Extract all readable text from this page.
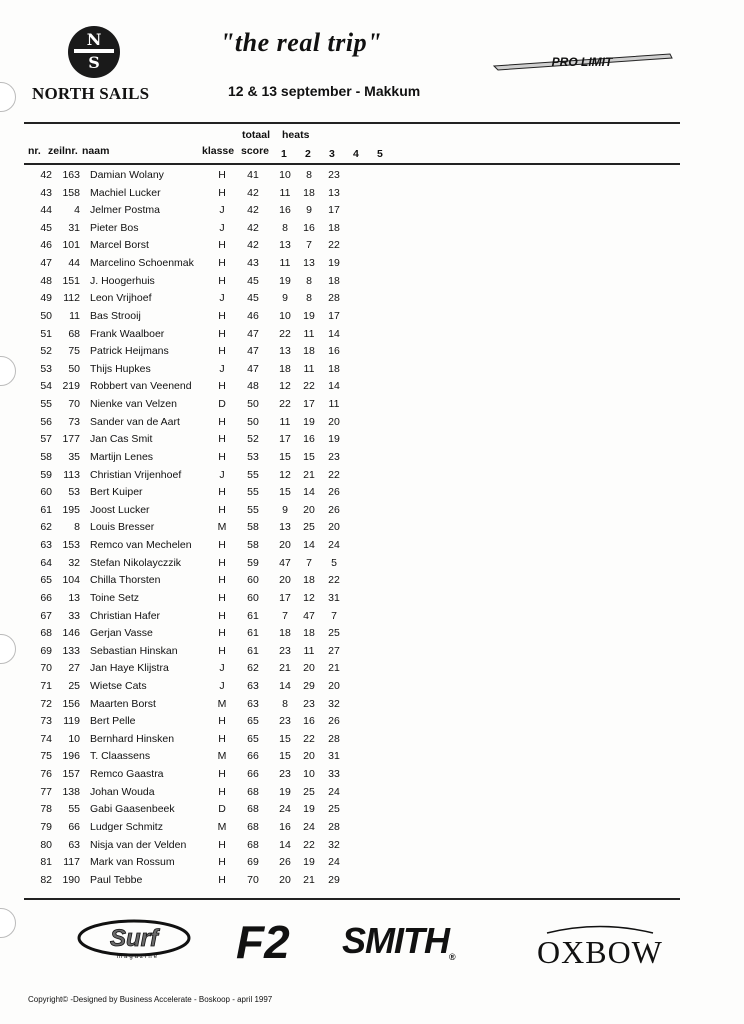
N
S
NORTH SAILS
"the real trip"
12 & 13 september - Makkum
PRO LIMIT
totaal heats
nr. zeilnr. naam	klasse score 1 2 3 4 5
42 163 Damian Wolany	H	41	10	8	23
43 158 Machiel Lucker	H	42	11	18	13
44	4 Jelmer Postma	J	42	16	9	17
45	31 Pieter Bos	J	42	8	16	18
46 101 Marcel Borst	H	42	13	7	22
47	44 Marcelino Schoenmak	H	43	11	13	19
48 151 J. Hoogerhuis	H	45	19	8	18
49	112 Leon Vrijhoef	J	45	9	8	28
50	11 Bas Strooij	H	46	10	19	17
51	68 Frank Waalboer	H	47	22	11	14
52	75 Patrick Heijmans	H	47	13	18	16
53	50 Thijs Hupkes	J	47	18	11	18
54 219 Robbert van Veenend	H	48	12	22	14
55	70 Nienke van Velzen	D	50	22	17	11
56	73 Sander van de Aart	H	50	11	19	20
57 177 Jan Cas Smit	H	52	17	16	19
58	35 Martijn Lenes	H	53	15	15	23
59	113 Christian Vrijenhoef	J	55	12	21	22
60	53 Bert Kuiper	H	55	15	14	26
61 195 Joost Lucker	H	55	9	20	26
62	8 Louis Bresser	M	58	13	25	20
63 153 Remco van Mechelen	H	58	20	14	24
64	32 Stefan Nikolayczzik	H	59	47	7	5
65 104 Chilla Thorsten	H	60	20	18	22
66	13 Toine Setz	H	60	17	12	31
67	33 Christian Hafer	H	61	7	47	7
68 146 Gerjan Vasse	H	61	18	18	25
69 133 Sebastian Hinskan	H	61	23	11	27
70	27 Jan Haye Klijstra	J	62	21	20	21
71	25 Wietse Cats	J	63	14	29	20
72 156 Maarten Borst	M	63	8	23	32
73	119 Bert Pelle	H	65	23	16	26
74	10 Bernhard Hinsken	H	65	15	22	28
75 196 T. Claassens	M	66	15	20	31
76 157 Remco Gaastra	H	66	23	10	33
77 138 Johan Wouda	H	68	19	25	24
78	55 Gabi Gaasenbeek	D	68	24	19	25
79	66 Ludger Schmitz	M	68	16	24	28
80	63 Nisja van der Velden	H	68	14	22	32
81	117 Mark van Rossum	H	69	26	19	24
82 190 Paul Tebbe	H	70	20	21	29
Surf
magazine F2 SMITH®	OXBOW
Copyright© -Designed by Business Accelerate - Boskoop - april 1997
